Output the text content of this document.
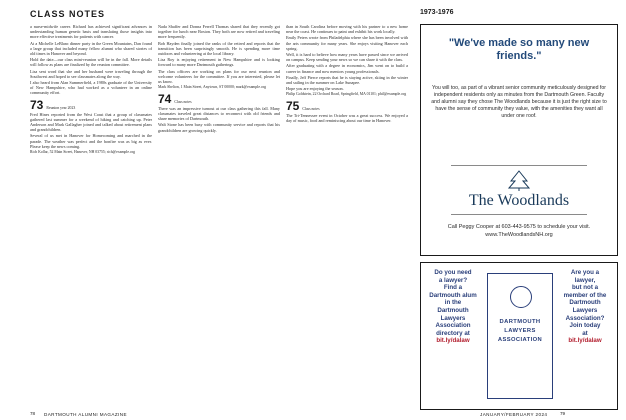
CLASS NOTES	1973-1976

a nurse-midwife career. Richard has achieved significant advances in understanding human genetic basis and translating those insights into more effective treatments for patients with cancer.

At a Michelle LeBlanc dinner party in the Green Mountains, Dan found a large group that included many fellow alumni who shared stories of old times in Hanover and beyond.

Hold the date—our class mini-reunion will be in the fall. More details will follow as plans are finalized by the reunion committee.

Lisa sent word that she and her husband were traveling through the Southwest and hoped to see classmates along the way.

I also heard from Alan Summerfield, a 1980s graduate of the University of New Hampshire, who had worked as a volunteer in an online community effort.

73 Reunion year 2023

Fred Hines reported from the West Coast that a group of classmates gathered last summer for a weekend of hiking and catching up. Peter Anderson and Mark Gallagher joined and talked about retirement plans and grandchildren.

Several of us met in Hanover for Homecoming and marched in the parade. The weather was perfect and the bonfire was as big as ever. Please keep the news coming.

Rich Kollar, 52 Main Street, Hanover, NH 03755; rich@example.org

Nada Shaffer and Donna Ferrell Thomas shared that they recently got together for lunch near Boston. They both are now retired and traveling more frequently.

Bob Hayden finally joined the ranks of the retired and reports that the transition has been surprisingly smooth. He is spending more time outdoors and volunteering at the local library.

Lisa Roy is enjoying retirement in New Hampshire and is looking forward to many more Dartmouth gatherings.

The class officers are working on plans for our next reunion and welcome volunteers for the committee. If you are interested, please let us know.

Mark Shelton, 1 Main Street, Anytown, ST 00000; mark@example.org

74 Class notes

There was an impressive turnout at our class gathering this fall. Many classmates traveled great distances to reconnect with old friends and share memories of Dartmouth.

Walt Stone has been busy with community service and reports that his grandchildren are growing quickly.

than in South Carolina before moving with his partner to a new home near the coast. He continues to paint and exhibit his work locally.

Emily Peters wrote from Philadelphia where she has been involved with the arts community for many years. She enjoys visiting Hanover each spring.

Well, it is hard to believe how many years have passed since we arrived on campus. Keep sending your news so we can share it with the class.

After graduating with a degree in economics, Jim went on to build a career in finance and now mentors young professionals.

Finally, Jeff Pierce reports that he is staying active, skiing in the winter and sailing in the summer on Lake Sunapee.

Hope you are enjoying the season.

Philip Goldstein, 22 Orchard Road, Springfield, MA 01101; phil@example.org

75 Class notes

The Tri-Tennessee event in October was a great success. We enjoyed a day of music, food and reminiscing about our time in Hanover.

"We've made so many new friends."
You will too, as part of a vibrant senior community meticulously designed for independent residents only as minutes from the Dartmouth Green. Faculty and alumni say they chose The Woodlands because it is just the right size to have the sense of community they value, with the amenities they want all under one roof.
The Woodlands
Call Peggy Cooper at 603-443-9575 to schedule your visit.
www.TheWoodlandsNH.org
Do you need
a lawyer?
Find a
Dartmouth alum
in the
Dartmouth
Lawyers
Association
directory at
bit.ly/dalaw
DARTMOUTH
LAWYERS
ASSOCIATION
Are you a
lawyer,
but not a
member of the
Dartmouth
Lawyers
Association?
Join today
at
bit.ly/dalaw
78 DARTMOUTH ALUMNI MAGAZINE	JANUARY/FEBRUARY 2024	79
